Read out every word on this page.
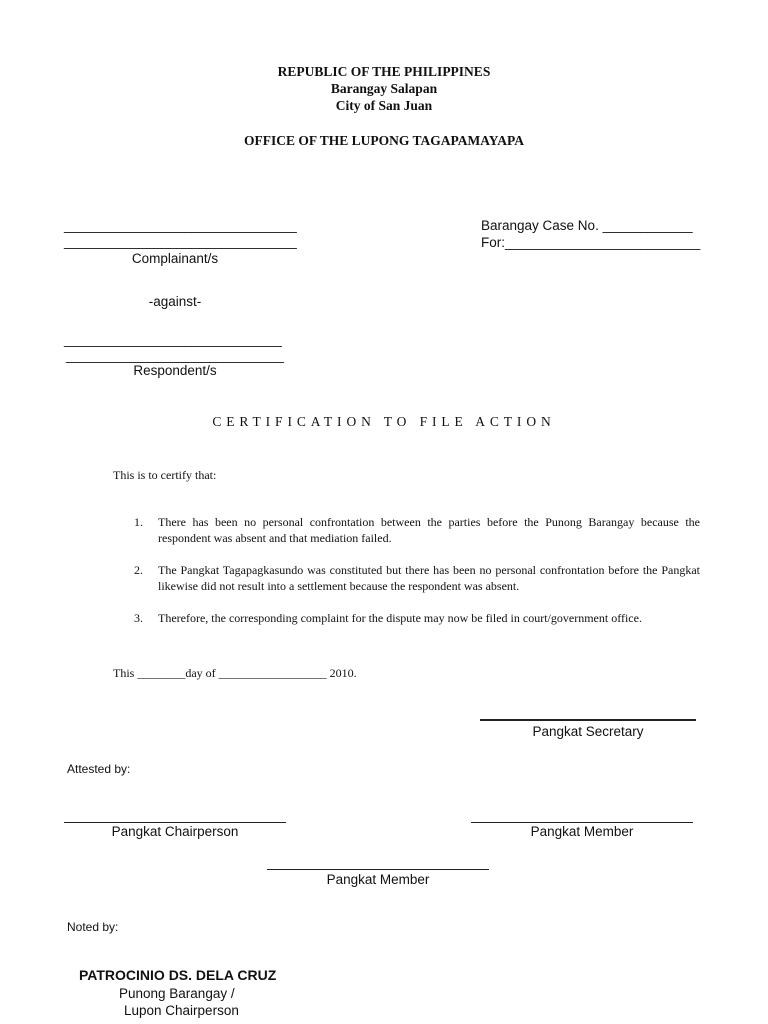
REPUBLIC OF THE PHILIPPINES
Barangay Salapan
City of San Juan
OFFICE OF THE LUPONG TAGAPAMAYAPA
_______________________________
_______________________________
Complainant/s
-against-
_____________________________
_____________________________
Respondent/s
Barangay Case No. ____________
For:__________________________
CERTIFICATION TO FILE ACTION
This is to certify that:
1. There has been no personal confrontation between the parties before the Punong Barangay because the respondent was absent and that mediation failed.
2. The Pangkat Tagapagkasundo was constituted but there has been no personal confrontation before the Pangkat likewise did not result into a settlement because the respondent was absent.
3. Therefore, the corresponding complaint for the dispute may now be filed in court/government office.
This ________day of __________________ 2010.
Pangkat Secretary
Attested by:
Pangkat Chairperson	Pangkat Member
Pangkat Member
Noted by:
PATROCINIO DS. DELA CRUZ
Punong Barangay /
Lupon Chairperson
